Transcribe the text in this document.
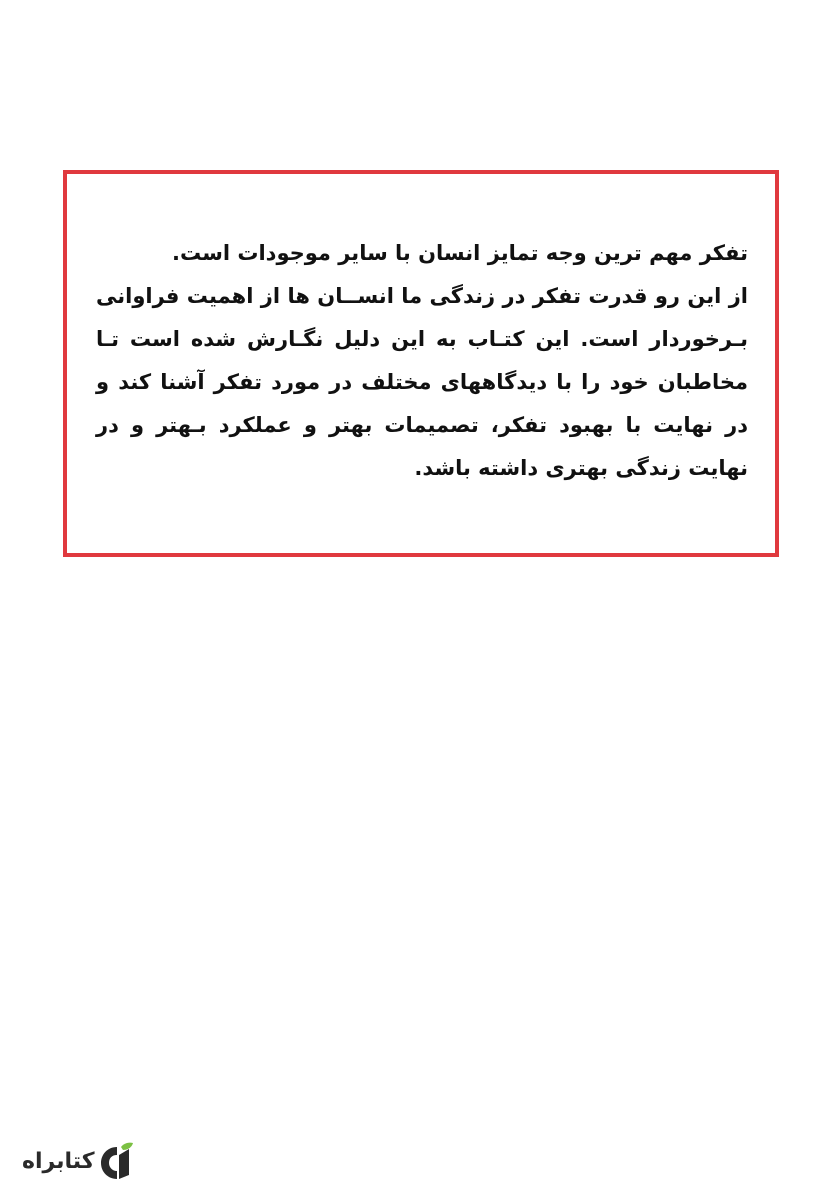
تفکر مهم ترین وجه تمایز انسان با سایر موجودات است.

از این رو قدرت تفکر در زندگی ما انســان ها از اهمیت فراوانی بـرخوردار است. این کتـاب به این دلیل نگـارش شده است تـا مخاطبان خود را با دیدگاههای مختلف در مورد تفکر آشنا کند و در نهایت با بهبود تفکر، تصمیمات بهتر و عملکرد بـهتر و در نهایت زندگی بهتری داشته باشد.

کتابراه
